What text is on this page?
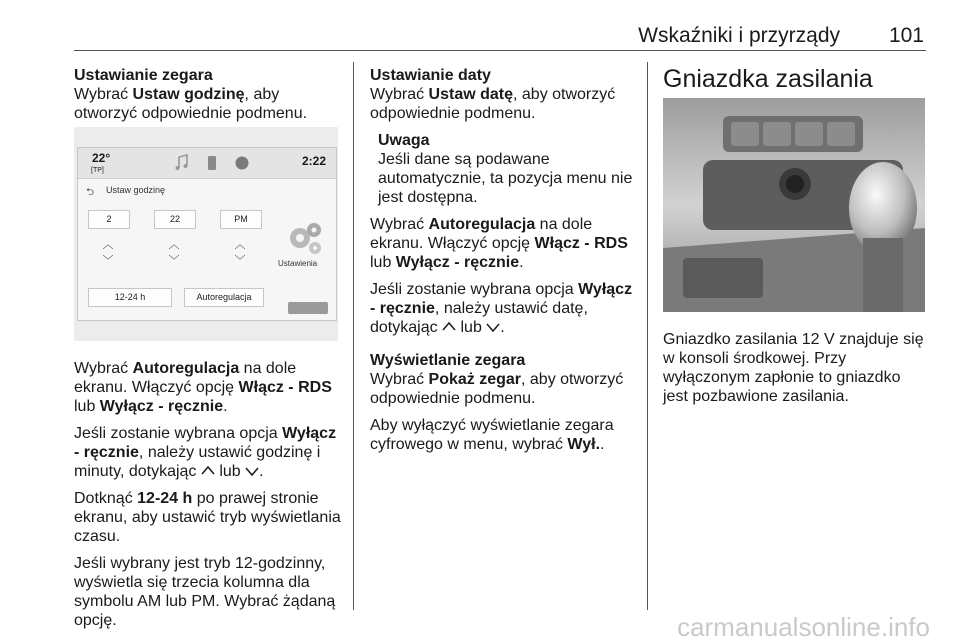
Wskaźniki i przyrządy 101
Ustawianie zegara

Wybrać Ustaw godzinę, aby otworzyć odpowiednie podmenu.

22°
[TP]
2:22
⮌ Ustaw godzinę
2	22	PM
︿	︿	︿
﹀	﹀	﹀	Ustawienia
12-24 h	Autoregulacja

Wybrać Autoregulacja na dole ekranu. Włączyć opcję Włącz - RDS lub Wyłącz - ręcznie.

Jeśli zostanie wybrana opcja Wyłącz - ręcznie, należy ustawić godzinę i minuty, dotykając  lub .

Dotknąć 12-24 h po prawej stronie ekranu, aby ustawić tryb wyświetlania czasu.

Jeśli wybrany jest tryb 12-godzinny, wyświetla się trzecia kolumna dla symbolu AM lub PM. Wybrać żądaną opcję.

Ustawianie daty

Wybrać Ustaw datę, aby otworzyć odpowiednie podmenu.

Uwaga

Jeśli dane są podawane automatycznie, ta pozycja menu nie jest dostępna.

Wybrać Autoregulacja na dole ekranu. Włączyć opcję Włącz - RDS lub Wyłącz - ręcznie.

Jeśli zostanie wybrana opcja Wyłącz - ręcznie, należy ustawić datę, dotykając  lub .

Wyświetlanie zegara

Wybrać Pokaż zegar, aby otworzyć odpowiednie podmenu.

Aby wyłączyć wyświetlanie zegara cyfrowego w menu, wybrać Wył..

Gniazdka zasilania

Gniazdko zasilania 12 V znajduje się w konsoli środkowej. Przy wyłączonym zapłonie to gniazdko jest pozbawione zasilania.

carmanualsonline.info
